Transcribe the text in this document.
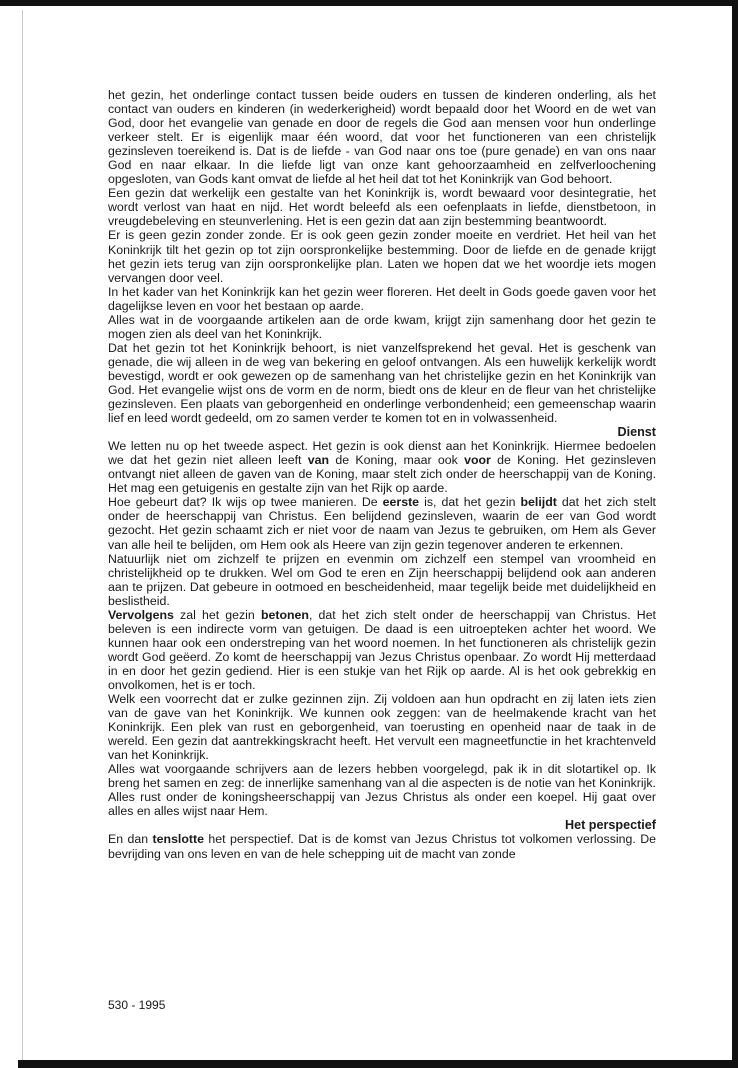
het gezin, het onderlinge contact tussen beide ouders en tussen de kinderen onderling, als het contact van ouders en kinderen (in wederkerigheid) wordt bepaald door het Woord en de wet van God, door het evangelie van genade en door de regels die God aan mensen voor hun onderlinge verkeer stelt. Er is eigenlijk maar één woord, dat voor het functioneren van een christelijk gezinsleven toereikend is. Dat is de liefde - van God naar ons toe (pure genade) en van ons naar God en naar elkaar. In die liefde ligt van onze kant gehoorzaamheid en zelfverloochening opgesloten, van Gods kant omvat de liefde al het heil dat tot het Koninkrijk van God behoort.

Een gezin dat werkelijk een gestalte van het Koninkrijk is, wordt bewaard voor desintegratie, het wordt verlost van haat en nijd. Het wordt beleefd als een oefenplaats in liefde, dienstbetoon, in vreugdebeleving en steunverlening. Het is een gezin dat aan zijn bestemming beantwoordt.

Er is geen gezin zonder zonde. Er is ook geen gezin zonder moeite en verdriet. Het heil van het Koninkrijk tilt het gezin op tot zijn oorspronkelijke bestemming. Door de liefde en de genade krijgt het gezin iets terug van zijn oorspronkelijke plan. Laten we hopen dat we het woordje iets mogen vervangen door veel.

In het kader van het Koninkrijk kan het gezin weer floreren. Het deelt in Gods goede gaven voor het dagelijkse leven en voor het bestaan op aarde.

Alles wat in de voorgaande artikelen aan de orde kwam, krijgt zijn samenhang door het gezin te mogen zien als deel van het Koninkrijk.

Dat het gezin tot het Koninkrijk behoort, is niet vanzelfsprekend het geval. Het is geschenk van genade, die wij alleen in de weg van bekering en geloof ontvangen. Als een huwelijk kerkelijk wordt bevestigd, wordt er ook gewezen op de samenhang van het christelijke gezin en het Koninkrijk van God. Het evangelie wijst ons de vorm en de norm, biedt ons de kleur en de fleur van het christelijke gezinsleven. Een plaats van geborgenheid en onderlinge verbondenheid; een gemeenschap waarin lief en leed wordt gedeeld, om zo samen verder te komen tot en in volwassenheid.

Dienst

We letten nu op het tweede aspect. Het gezin is ook dienst aan het Koninkrijk. Hiermee bedoelen we dat het gezin niet alleen leeft van de Koning, maar ook voor de Koning. Het gezinsleven ontvangt niet alleen de gaven van de Koning, maar stelt zich onder de heerschappij van de Koning. Het mag een getuigenis en gestalte zijn van het Rijk op aarde.

Hoe gebeurt dat? Ik wijs op twee manieren. De eerste is, dat het gezin belijdt dat het zich stelt onder de heerschappij van Christus. Een belijdend gezinsleven, waarin de eer van God wordt gezocht. Het gezin schaamt zich er niet voor de naam van Jezus te gebruiken, om Hem als Gever van alle heil te belijden, om Hem ook als Heere van zijn gezin tegenover anderen te erkennen.

Natuurlijk niet om zichzelf te prijzen en evenmin om zichzelf een stempel van vroomheid en christelijkheid op te drukken. Wel om God te eren en Zijn heerschappij belijdend ook aan anderen aan te prijzen. Dat gebeure in ootmoed en bescheidenheid, maar tegelijk beide met duidelijkheid en beslistheid.

Vervolgens zal het gezin betonen, dat het zich stelt onder de heerschappij van Christus. Het beleven is een indirecte vorm van getuigen. De daad is een uitroepteken achter het woord. We kunnen haar ook een onderstreping van het woord noemen. In het functioneren als christelijk gezin wordt God geëerd. Zo komt de heerschappij van Jezus Christus openbaar. Zo wordt Hij metterdaad in en door het gezin gediend. Hier is een stukje van het Rijk op aarde. Al is het ook gebrekkig en onvolkomen, het is er toch.

Welk een voorrecht dat er zulke gezinnen zijn. Zij voldoen aan hun opdracht en zij laten iets zien van de gave van het Koninkrijk. We kunnen ook zeggen: van de heelmakende kracht van het Koninkrijk. Een plek van rust en geborgenheid, van toerusting en openheid naar de taak in de wereld. Een gezin dat aantrekkingskracht heeft. Het vervult een magneetfunctie in het krachtenveld van het Koninkrijk.

Alles wat voorgaande schrijvers aan de lezers hebben voorgelegd, pak ik in dit slotartikel op. Ik breng het samen en zeg: de innerlijke samenhang van al die aspecten is de notie van het Koninkrijk. Alles rust onder de koningsheerschappij van Jezus Christus als onder een koepel. Hij gaat over alles en alles wijst naar Hem.

Het perspectief

En dan tenslotte het perspectief. Dat is de komst van Jezus Christus tot volkomen verlossing. De bevrijding van ons leven en van de hele schepping uit de macht van zonde

530 - 1995
